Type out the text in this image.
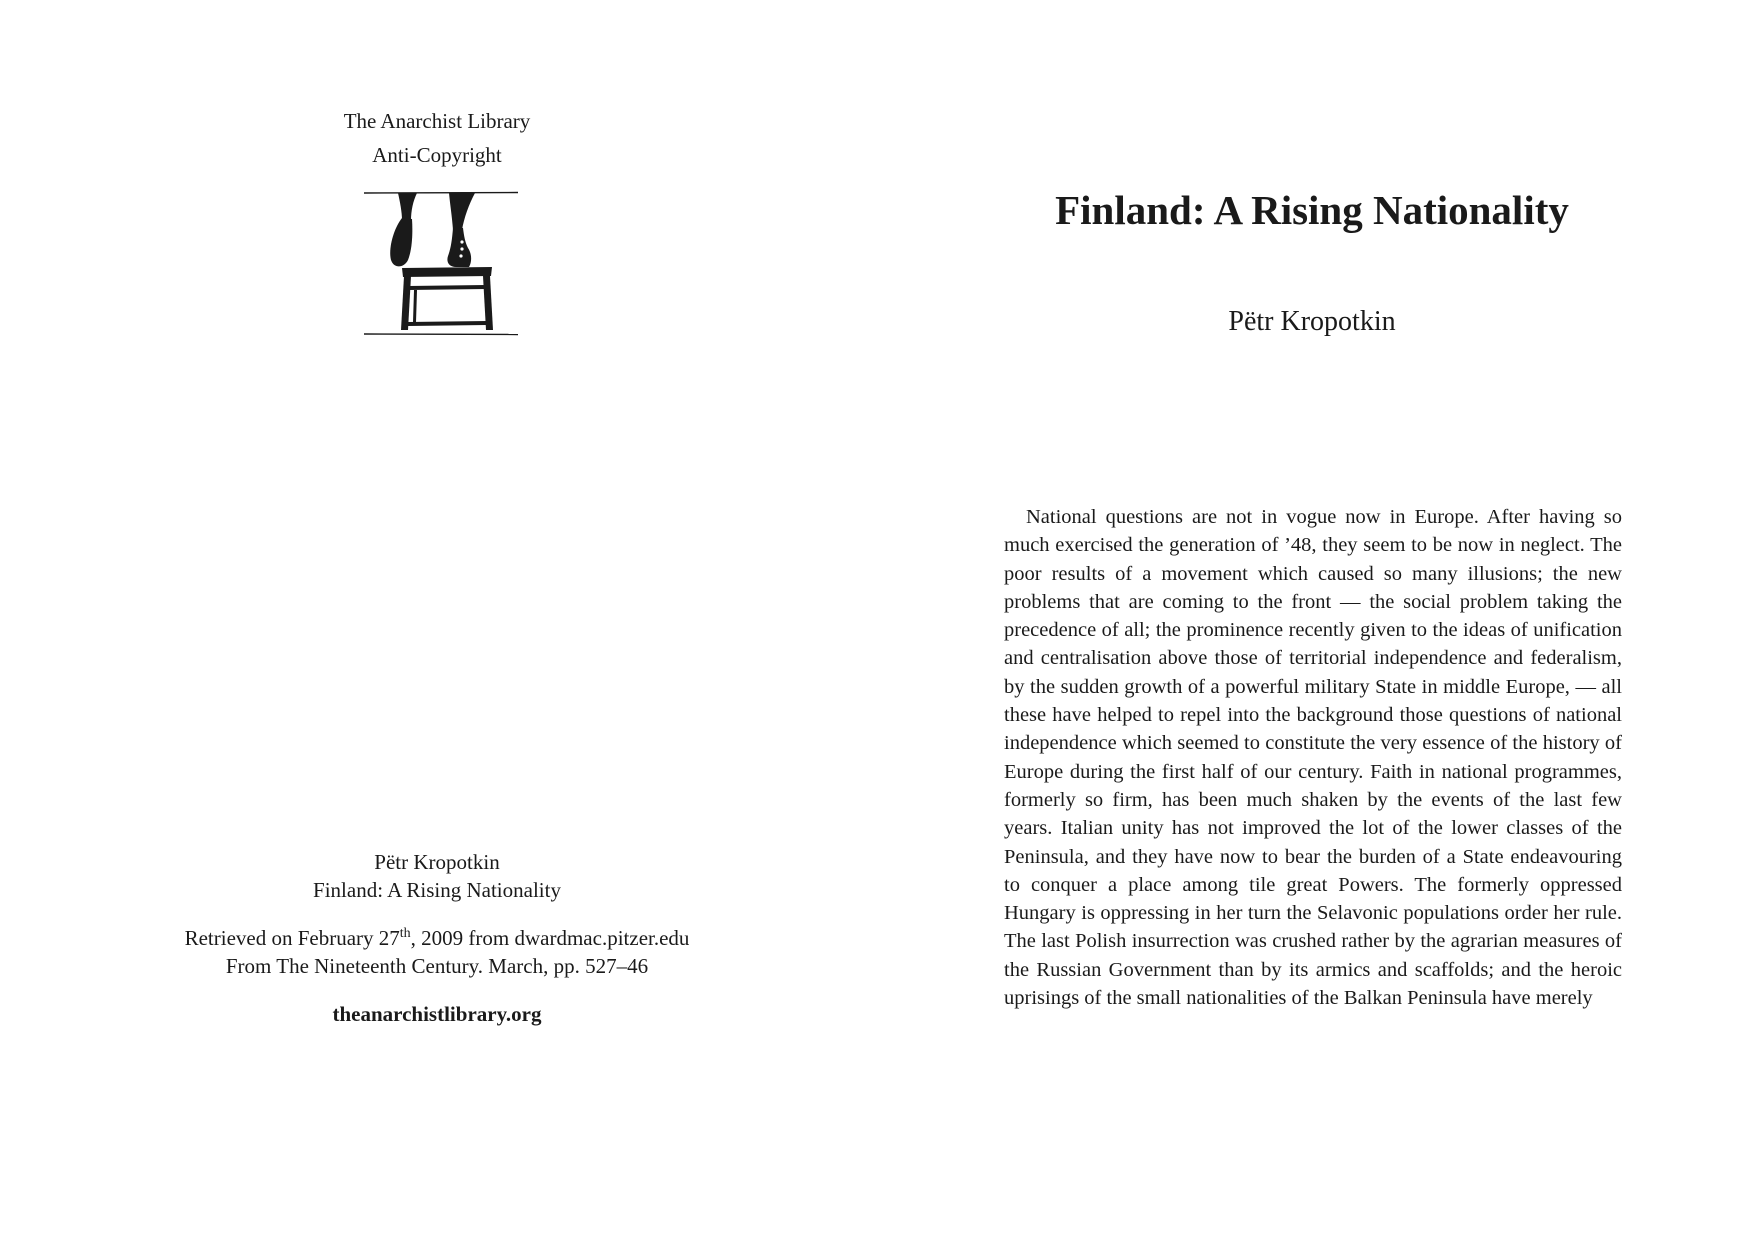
The Anarchist Library
Anti-Copyright
Pëtr Kropotkin
Finland: A Rising Nationality
Retrieved on February 27th, 2009 from dwardmac.pitzer.edu
From The Nineteenth Century. March, pp. 527–46
theanarchistlibrary.org
Finland: A Rising Nationality
Pëtr Kropotkin

National questions are not in vogue now in Europe. After having so much exercised the generation of ’48, they seem to be now in neglect. The poor results of a movement which caused so many illusions; the new problems that are coming to the front — the social problem taking the precedence of all; the prominence recently given to the ideas of unification and centralisation above those of territorial independence and federalism, by the sudden growth of a powerful military State in middle Europe, — all these have helped to repel into the background those questions of national independence which seemed to constitute the very essence of the history of Europe during the first half of our century. Faith in national programmes, formerly so firm, has been much shaken by the events of the last few years. Italian unity has not improved the lot of the lower classes of the Peninsula, and they have now to bear the burden of a State endeavouring to conquer a place among tile great Powers. The formerly oppressed Hungary is oppressing in her turn the Selavonic populations order her rule. The last Polish insurrection was crushed rather by the agrarian measures of the Russian Government than by its armics and scaffolds; and the heroic uprisings of the small nationalities of the Balkan Peninsula have merely
